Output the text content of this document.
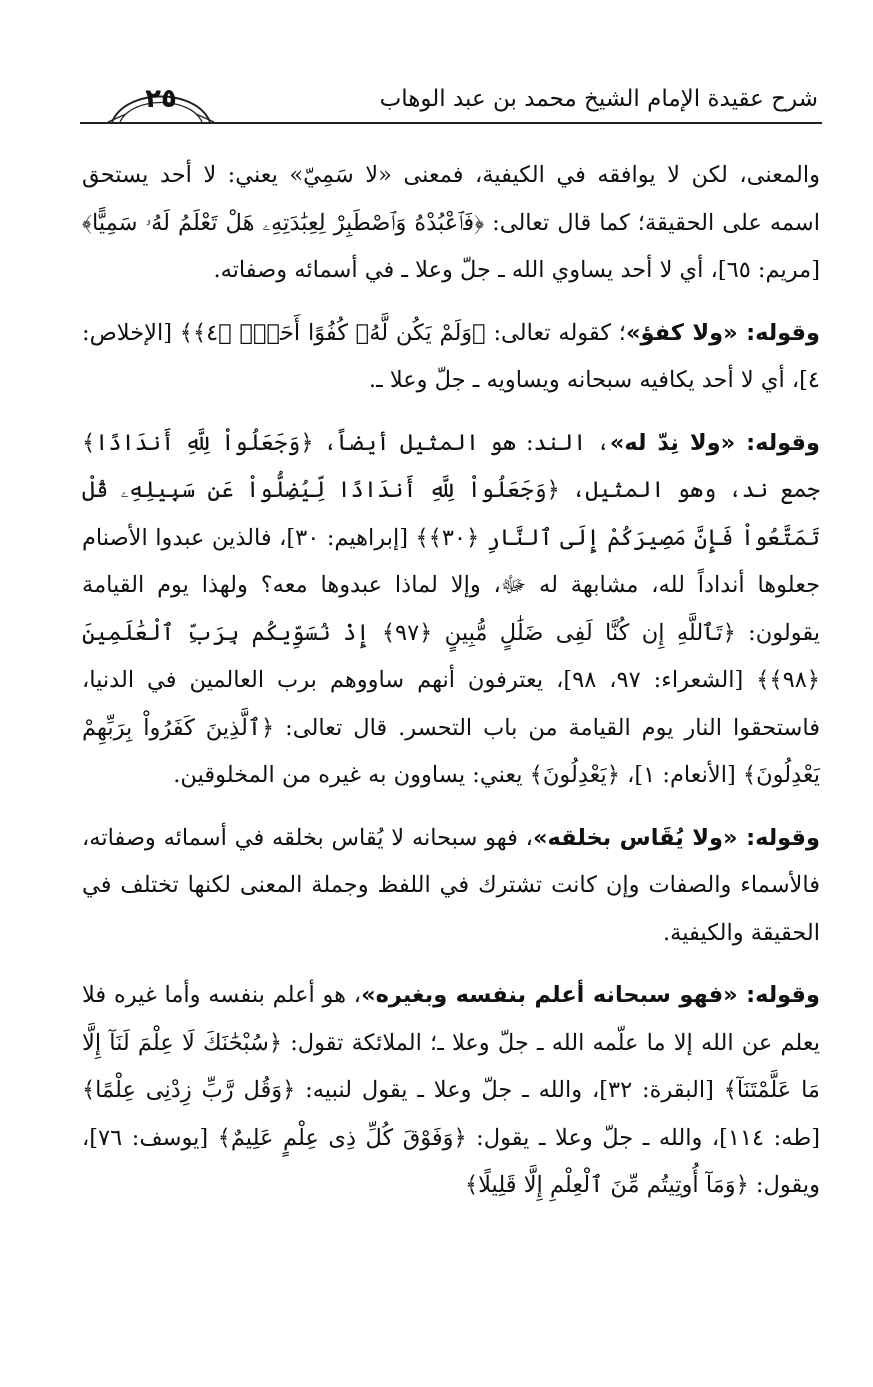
٢٥	شرح عقيدة الإمام الشيخ محمد بن عبد الوهاب

والمعنى، لكن لا يوافقه في الكيفية، فمعنى «لا سَمِيّ» يعني: لا أحد يستحق اسمه على الحقيقة؛ كما قال تعالى: ﴿فَٱعْبُدْهُ وَٱصْطَبِرْ لِعِبَٰدَتِهِۦ هَلْ تَعْلَمُ لَهُۥ سَمِيًّا﴾ [مريم: ٦٥]، أي لا أحد يساوي الله ـ جلّ وعلا ـ في أسمائه وصفاته.

وقوله: «ولا كفؤ»؛ كقوله تعالى: ﴿وَلَمْ يَكُن لَّهُۥ كُفُوًا أَحَدٌۢ ﴿٤﴾﴾ [الإخلاص: ٤]، أي لا أحد يكافيه سبحانه ويساويه ـ جلّ وعلا ـ.

وقوله: «ولا نِدّ له»، الند: هو المثيل أيضاً، ﴿وَجَعَلُواْ لِلَّهِ أَندَادًا﴾ جمع ند، وهو المثيل، ﴿وَجَعَلُواْ لِلَّهِ أَندَادًا لِّيُضِلُّواْ عَن سَبِيلِهِۦ قُلْ تَمَتَّعُواْ فَإِنَّ مَصِيرَكُمْ إِلَى ٱلنَّارِ ﴿٣٠﴾﴾ [إبراهيم: ٣٠]، فالذين عبدوا الأصنام جعلوها أنداداً لله، مشابهة له ﷻ، وإلا لماذا عبدوها معه؟ ولهذا يوم القيامة يقولون: ﴿تَٱللَّهِ إِن كُنَّا لَفِى ضَلَٰلٍ مُّبِينٍ ﴿٩٧﴾ إِذْ نُسَوِّيكُم بِرَبِّ ٱلْعَٰلَمِينَ ﴿٩٨﴾﴾ [الشعراء: ٩٧، ٩٨]، يعترفون أنهم ساووهم برب العالمين في الدنيا، فاستحقوا النار يوم القيامة من باب التحسر. قال تعالى: ﴿ٱلَّذِينَ كَفَرُواْ بِرَبِّهِمْ يَعْدِلُونَ﴾ [الأنعام: ١]، ﴿يَعْدِلُونَ﴾ يعني: يساوون به غيره من المخلوقين.

وقوله: «ولا يُقَاس بخلقه»، فهو سبحانه لا يُقاس بخلقه في أسمائه وصفاته، فالأسماء والصفات وإن كانت تشترك في اللفظ وجملة المعنى لكنها تختلف في الحقيقة والكيفية.

وقوله: «فهو سبحانه أعلم بنفسه وبغيره»، هو أعلم بنفسه وأما غيره فلا يعلم عن الله إلا ما علّمه الله ـ جلّ وعلا ـ؛ الملائكة تقول: ﴿سُبْحَٰنَكَ لَا عِلْمَ لَنَآ إِلَّا مَا عَلَّمْتَنَآ﴾ [البقرة: ٣٢]، والله ـ جلّ وعلا ـ يقول لنبيه: ﴿وَقُل رَّبِّ زِدْنِى عِلْمًا﴾ [طه: ١١٤]، والله ـ جلّ وعلا ـ يقول: ﴿وَفَوْقَ كُلِّ ذِى عِلْمٍ عَلِيمٌ﴾ [يوسف: ٧٦]، ويقول: ﴿وَمَآ أُوتِيتُم مِّنَ ٱلْعِلْمِ إِلَّا قَلِيلًا﴾
